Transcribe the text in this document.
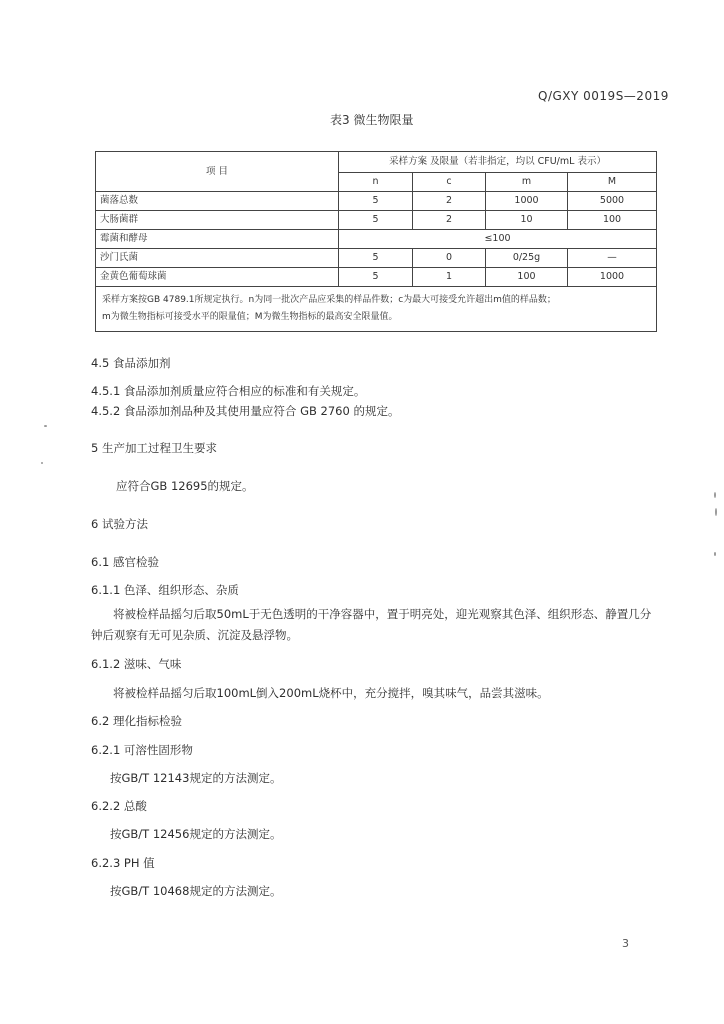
Q/GXY 0019S—2019
表3 微生物限量
项 目	采样方案 及限量（若非指定，均以 CFU/mL 表示）			
	n	c	m	M
菌落总数	5	2	1000	5000
大肠菌群	5	2	10	100
霉菌和酵母	≤100			
沙门氏菌	5	0	0/25g	—
金黄色葡萄球菌	5	1	100	1000

采样方案按GB 4789.1所规定执行。n为同一批次产品应采集的样品件数；c为最大可接受允许超出m值的样品数；
m为微生物指标可接受水平的限量值；M为微生物指标的最高安全限量值。				
4.5 食品添加剂
4.5.1 食品添加剂质量应符合相应的标准和有关规定。
4.5.2 食品添加剂品种及其使用量应符合 GB 2760 的规定。
5 生产加工过程卫生要求
应符合GB 12695的规定。
6 试验方法
6.1 感官检验
6.1.1 色泽、组织形态、杂质
将被检样品摇匀后取50mL于无色透明的干净容器中，置于明亮处，迎光观察其色泽、组织形态、静置几分钟后观察有无可见杂质、沉淀及悬浮物。
6.1.2 滋味、气味
将被检样品摇匀后取100mL倒入200mL烧杯中，充分搅拌，嗅其味气，品尝其滋味。
6.2 理化指标检验
6.2.1 可溶性固形物
按GB/T 12143规定的方法测定。
6.2.2 总酸
按GB/T 12456规定的方法测定。
6.2.3 PH 值
按GB/T 10468规定的方法测定。
3
